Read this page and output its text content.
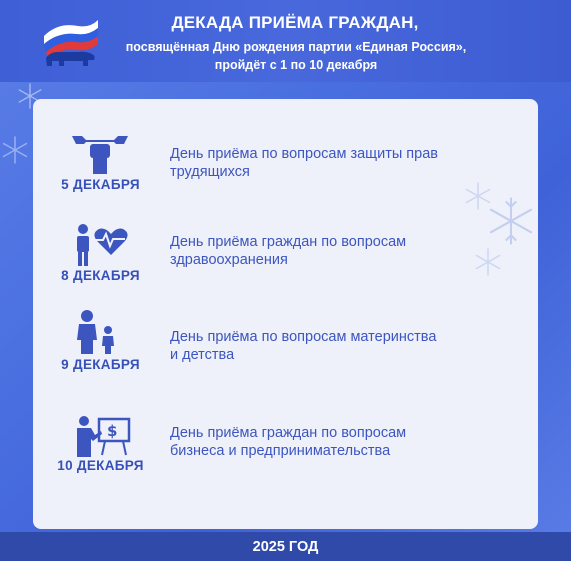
ДЕКАДА ПРИЁМА ГРАЖДАН,
посвящённая Дню рождения партии «Единая Россия»,
пройдёт с 1 по 10 декабря
5 ДЕКАБРЯ
День приёма по вопросам защиты прав
трудящихся
8 ДЕКАБРЯ
День приёма граждан по вопросам
здравоохранения
9 ДЕКАБРЯ
День приёма по вопросам материнства
и детства
$
10 ДЕКАБРЯ
День приёма граждан по вопросам
бизнеса и предпринимательства
2025 ГОД
